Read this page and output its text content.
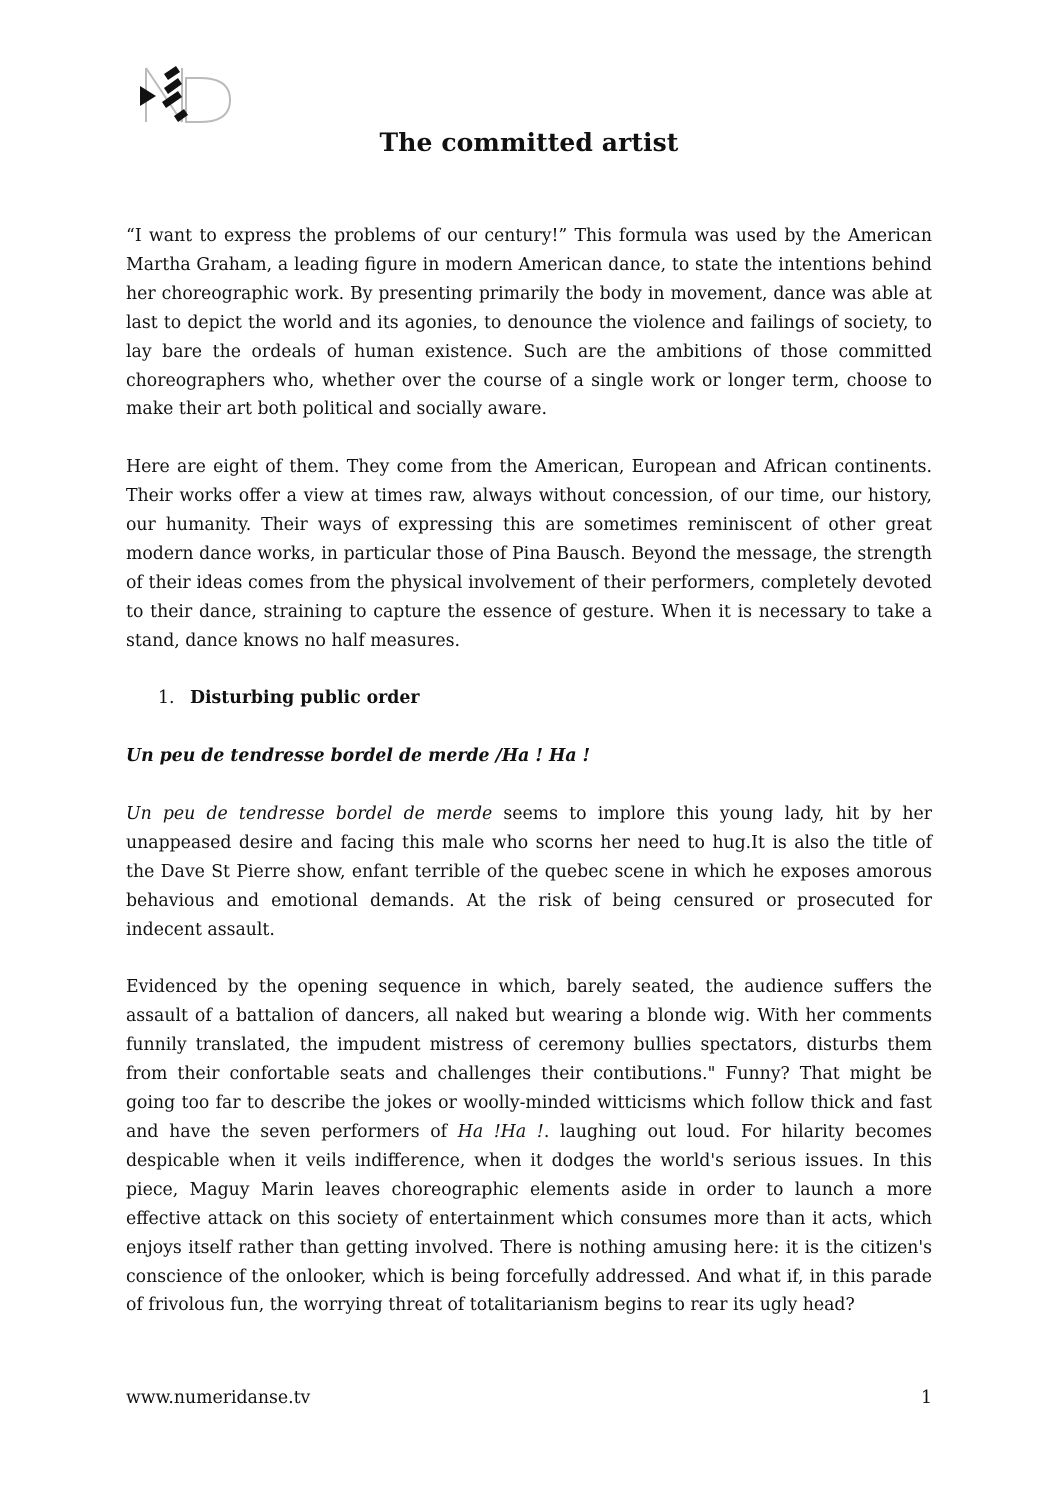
The committed artist

“I want to express the problems of our century!” This formula was used by the American Martha Graham, a leading figure in modern American dance, to state the intentions behind her choreographic work. By presenting primarily the body in movement, dance was able at last to depict the world and its agonies, to denounce the violence and failings of society, to lay bare the ordeals of human existence. Such are the ambitions of those committed choreographers who, whether over the course of a single work or longer term, choose to make their art both political and socially aware.

Here are eight of them. They come from the American, European and African continents. Their works offer a view at times raw, always without concession, of our time, our history, our humanity. Their ways of expressing this are sometimes reminiscent of other great modern dance works, in particular those of Pina Bausch. Beyond the message, the strength of their ideas comes from the physical involvement of their performers, completely devoted to their dance, straining to capture the essence of gesture. When it is necessary to take a stand, dance knows no half measures.

1. Disturbing public order

Un peu de tendresse bordel de merde /Ha ! Ha !

Un peu de tendresse bordel de merde seems to implore this young lady, hit by her unappeased desire and facing this male who scorns her need to hug.It is also the title of the Dave St Pierre show, enfant terrible of the quebec scene in which he exposes amorous behavious and emotional demands. At the risk of being censured or prosecuted for indecent assault.

Evidenced by the opening sequence in which, barely seated, the audience suffers the assault of a battalion of dancers, all naked but wearing a blonde wig. With her comments funnily translated, the impudent mistress of ceremony bullies spectators, disturbs them from their confortable seats and challenges their contibutions." Funny? That might be going too far to describe the jokes or woolly-minded witticisms which follow thick and fast and have the seven performers of Ha !Ha !. laughing out loud. For hilarity becomes despicable when it veils indifference, when it dodges the world's serious issues. In this piece, Maguy Marin leaves choreographic elements aside in order to launch a more effective attack on this society of entertainment which consumes more than it acts, which enjoys itself rather than getting involved. There is nothing amusing here: it is the citizen's conscience of the onlooker, which is being forcefully addressed. And what if, in this parade of frivolous fun, the worrying threat of totalitarianism begins to rear its ugly head?

www.numeridanse.tv	1
